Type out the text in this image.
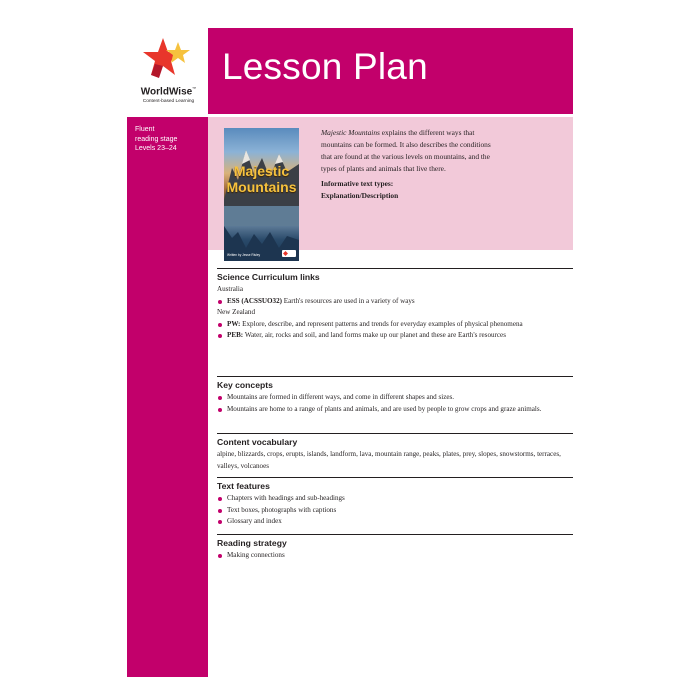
WorldWise™
Content-based Learning
Lesson Plan
Fluent
reading stage
Levels 23–24
Majestic
Mountains
Written by Jesse Risley

Majestic Mountains explains the different ways that mountains can be formed. It also describes the conditions that are found at the various levels on mountains, and the types of plants and animals that live there.

Informative text types:
Explanation/Description

Science Curriculum links
Australia
ESS (ACSSUO32) Earth's resources are used in a variety of ways
New Zealand
PW: Explore, describe, and represent patterns and trends for everyday examples of physical phenomena
PEB: Water, air, rocks and soil, and land forms make up our planet and these are Earth's resources
Key concepts
Mountains are formed in different ways, and come in different shapes and sizes.
Mountains are home to a range of plants and animals, and are used by people to grow crops and graze animals.
Content vocabulary
alpine, blizzards, crops, erupts, islands, landform, lava, mountain range, peaks, plates, prey, slopes, snowstorms, terraces, valleys, volcanoes
Text features
Chapters with headings and sub-headings
Text boxes, photographs with captions
Glossary and index
Reading strategy
Making connections
